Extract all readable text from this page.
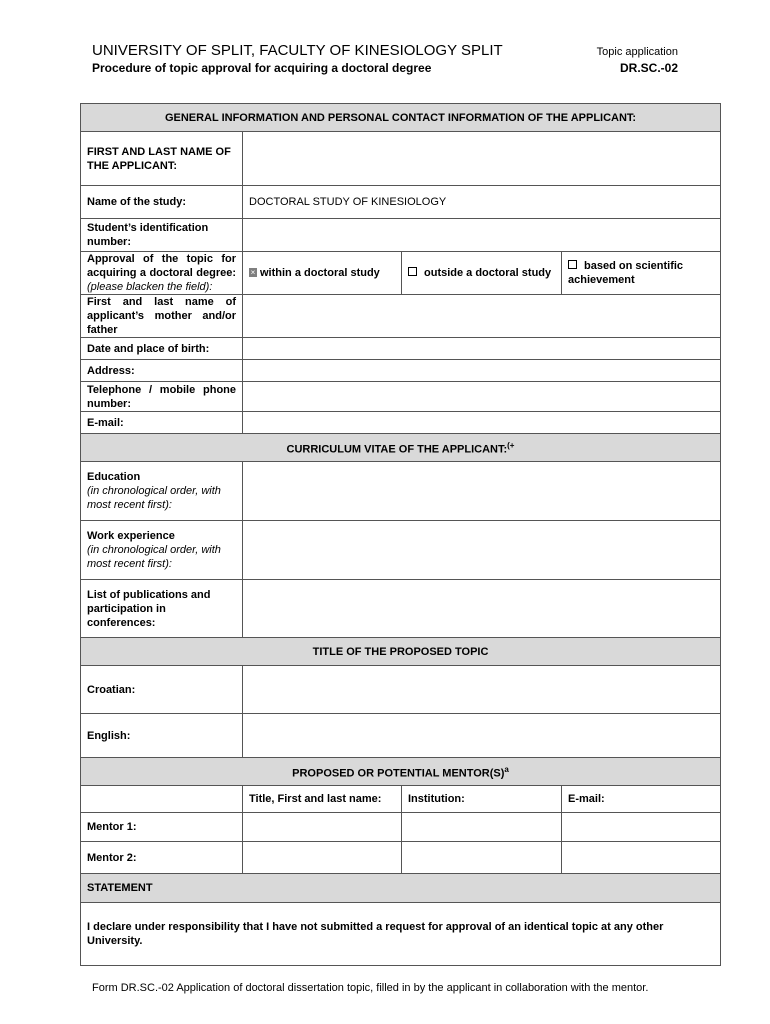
UNIVERSITY OF SPLIT, FACULTY OF KINESIOLOGY SPLIT
Procedure of topic approval for acquiring a doctoral degree
Topic application
DR.SC.-02
GENERAL INFORMATION AND PERSONAL CONTACT INFORMATION OF THE APPLICANT:			
FIRST AND LAST NAME OF THE APPLICANT:			
Name of the study:	DOCTORAL STUDY OF KINESIOLOGY		
Student’s identification number:			
Approval of the topic for acquiring a doctoral degree: (please blacken the field):	× within a doctoral study	outside a doctoral study	based on scientific achievement
First and last name of applicant’s mother and/or father			
Date and place of birth:			
Address:			
Telephone / mobile phone number:			
E-mail:			
CURRICULUM VITAE OF THE APPLICANT:(+
Education
(in chronological order, with most recent first):			
Work experience
(in chronological order, with most recent first):			
List of publications and participation in conferences:			
TITLE OF THE PROPOSED TOPIC			
Croatian:			
English:			
PROPOSED OR POTENTIAL $MENTOR(S)^a$
	Title, First and last name:	Institution:	E-mail:
Mentor 1:			
Mentor 2:			
STATEMENT			
I declare under responsibility that I have not submitted a request for approval of an identical topic at any other University.			
Form DR.SC.-02 Application of doctoral dissertation topic, filled in by the applicant in collaboration with the mentor.
